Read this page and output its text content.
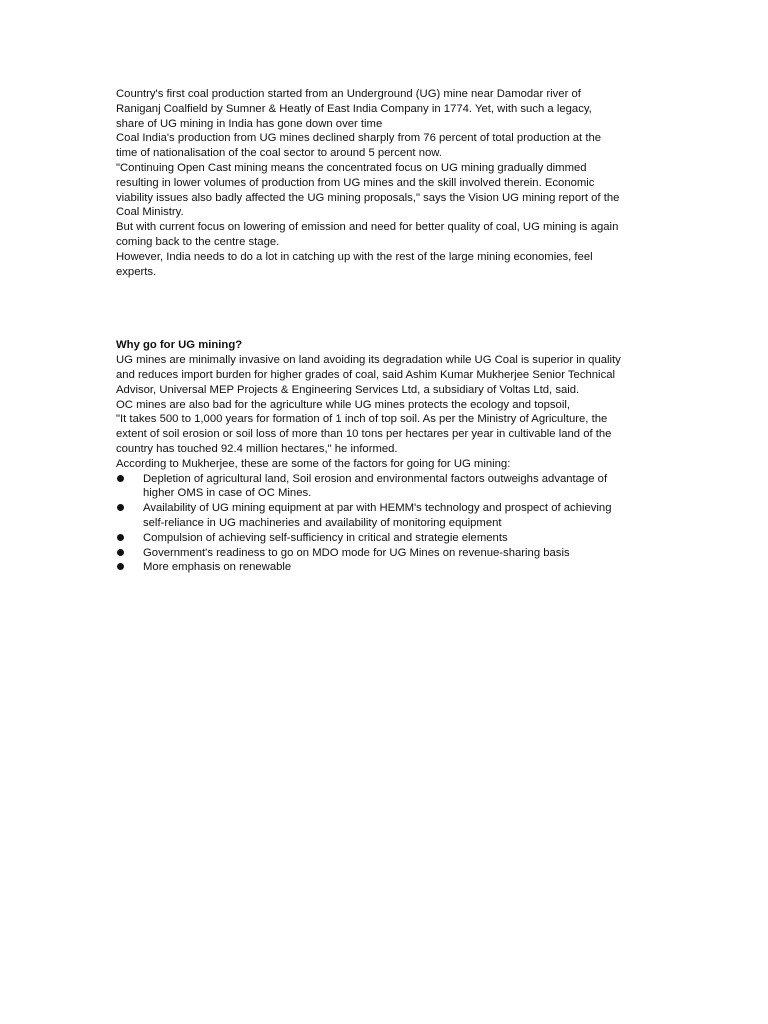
Country's first coal production started from an Underground (UG) mine near Damodar river of
Raniganj Coalfield by Sumner & Heatly of East India Company in 1774. Yet, with such a legacy,
share of UG mining in India has gone down over time
Coal India's production from UG mines declined sharply from 76 percent of total production at the
time of nationalisation of the coal sector to around 5 percent now.
"Continuing Open Cast mining means the concentrated focus on UG mining gradually dimmed
resulting in lower volumes of production from UG mines and the skill involved therein. Economic
viability issues also badly affected the UG mining proposals," says the Vision UG mining report of the
Coal Ministry.
But with current focus on lowering of emission and need for better quality of coal, UG mining is again
coming back to the centre stage.
However, India needs to do a lot in catching up with the rest of the large mining economies, feel
experts.

Why go for UG mining?

UG mines are minimally invasive on land avoiding its degradation while UG Coal is superior in quality
and reduces import burden for higher grades of coal, said Ashim Kumar Mukherjee Senior Technical
Advisor, Universal MEP Projects & Engineering Services Ltd, a subsidiary of Voltas Ltd, said.
OC mines are also bad for the agriculture while UG mines protects the ecology and topsoil,
"It takes 500 to 1,000 years for formation of 1 inch of top soil. As per the Ministry of Agriculture, the
extent of soil erosion or soil loss of more than 10 tons per hectares per year in cultivable land of the
country has touched 92.4 million hectares," he informed.
According to Mukherjee, these are some of the factors for going for UG mining:

Depletion of agricultural land, Soil erosion and environmental factors outweighs advantage of
higher OMS in case of OC Mines.
Availability of UG mining equipment at par with HEMM's technology and prospect of achieving
self-reliance in UG machineries and availability of monitoring equipment
Compulsion of achieving self-sufficiency in critical and strategie elements
Government's readiness to go on MDO mode for UG Mines on revenue-sharing basis
More emphasis on renewable
